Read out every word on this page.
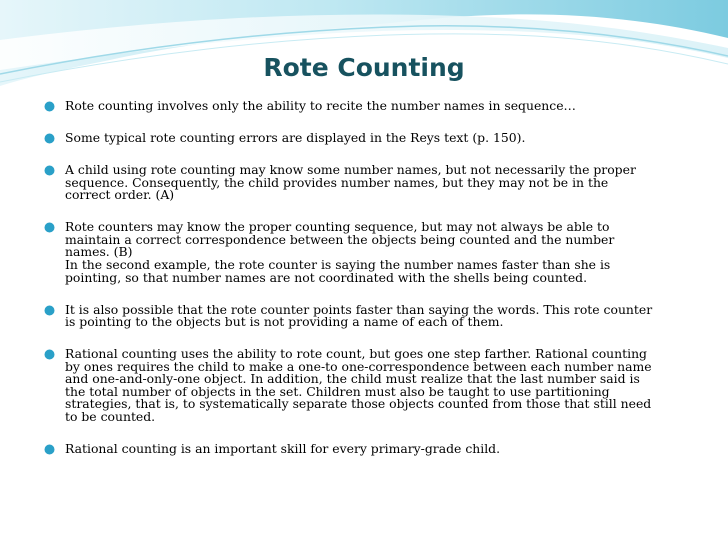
Rote Counting
Rote counting involves only the ability to recite the number names in sequence…
Some typical rote counting errors are displayed in the Reys text (p. 150).
A child using rote counting may know some number names, but not necessarily the proper
sequence. Consequently, the child provides number names, but they may not be in the
correct order. (A)
Rote counters may know the proper counting sequence, but may not always be able to
maintain a correct correspondence between the objects being counted and the number
names. (B)
In the second example, the rote counter is saying the number names faster than she is
pointing, so that number names are not coordinated with the shells being counted.
It is also possible that the rote counter points faster than saying the words. This rote counter
is pointing to the objects but is not providing a name of each of them.
Rational counting uses the ability to rote count, but goes one step farther. Rational counting
by ones requires the child to make a one-to one-correspondence between each number name
and one-and-only-one object. In addition, the child must realize that the last number said is
the total number of objects in the set. Children must also be taught to use partitioning
strategies, that is, to systematically separate those objects counted from those that still need
to be counted.
Rational counting is an important skill for every primary-grade child.
